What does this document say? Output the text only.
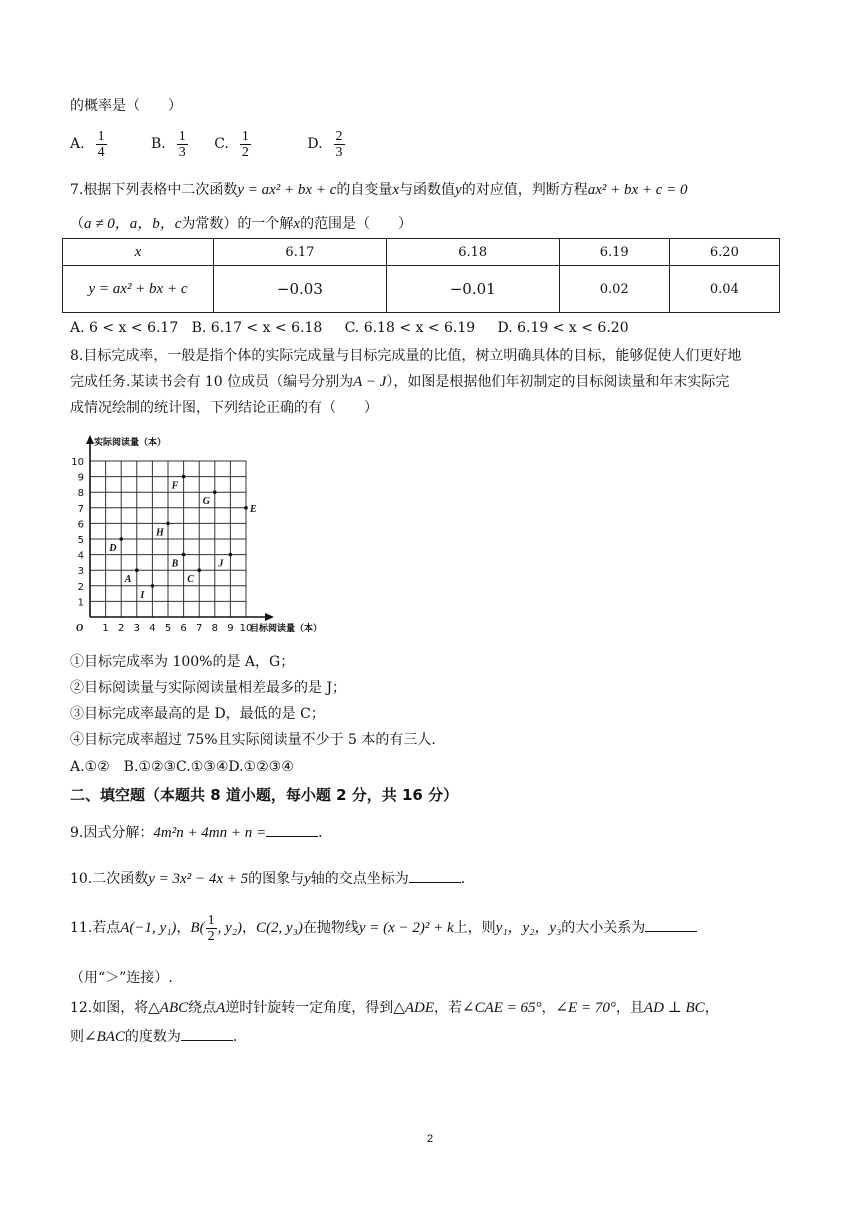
的概率是（　　）
A. $\frac{1}{4} B$. $\frac{1}{3} C$. $\frac{1}{2}$	D. $\frac{2}{3}$
7.根据下列表格中二次函数y = ax² + bx + c的自变量x与函数值y的对应值，判断方程ax² + bx + c = 0
（a ≠ 0，a，b，c为常数）的一个解x的范围是（　　）
x	6.17	6.18	6.19	6.20
y = ax² + bx + c	−0.03	−0.01	0.02	0.04
A. 6 < x < 6.17 B. 6.17 < x < 6.18 C. 6.18 < x < 6.19 D. 6.19 < x < 6.20
8.目标完成率，一般是指个体的实际完成量与目标完成量的比值，树立明确具体的目标，能够促使人们更好地
完成任务.某读书会有 10 位成员（编号分别为A − J），如图是根据他们年初制定的目标阅读量和年末实际完
成情况绘制的统计图，下列结论正确的有（　　）
实际阅读量（本）
目标阅读量（本）
O 1 2 3 4 5 6 7 8 9 10
1
2
3
4
5
6
7
8
9
10
A
B
C
D
E
F
G
H
I
J
①目标完成率为 100%的是 A，G；
②目标阅读量与实际阅读量相差最多的是 J；
③目标完成率最高的是 D，最低的是 C；
④目标完成率超过 75%且实际阅读量不少于 5 本的有三人.
A.①②　B.①②③C.①③④D.①②③④
二、填空题（本题共 8 道小题，每小题 2 分，共 16 分）
9.因式分解：4m²n + 4mn + n =	.
10.二次函数y = 3x² − 4x + 5的图象与y轴的交点坐标为	.
11.若点A(−1, y₁)，$B( \frac{1}{2}$ , y₂)，C(2, y₃)在抛物线y = (x − 2)² + k上，则y₁，y₂，y₃的大小关系为
（用“＞”连接）.
12.如图，将△ABC绕点A逆时针旋转一定角度，得到△ADE，若∠CAE = 65°，∠E = 70°，且AD ⊥ BC，
则∠BAC的度数为	.
2
